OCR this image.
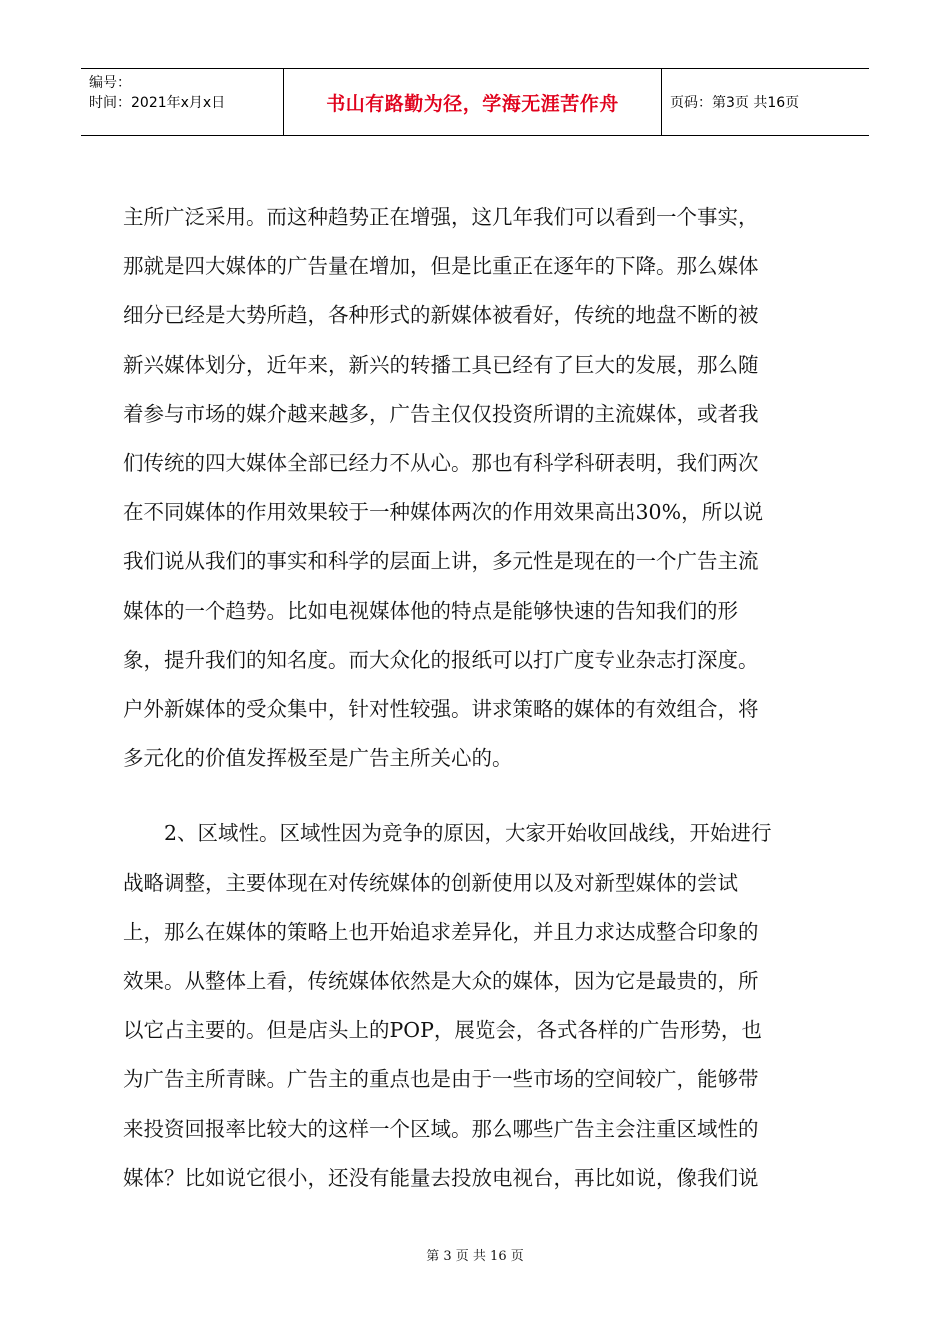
编号：
时间：2021年x月x日	书山有路勤为径，学海无涯苦作舟	页码：第3页 共16页

主所广泛采用。而这种趋势正在增强，这几年我们可以看到一个事实，
那就是四大媒体的广告量在增加，但是比重正在逐年的下降。那么媒体
细分已经是大势所趋，各种形式的新媒体被看好，传统的地盘不断的被
新兴媒体划分，近年来，新兴的转播工具已经有了巨大的发展，那么随
着参与市场的媒介越来越多，广告主仅仅投资所谓的主流媒体，或者我
们传统的四大媒体全部已经力不从心。那也有科学科研表明，我们两次
在不同媒体的作用效果较于一种媒体两次的作用效果高出30%，所以说
我们说从我们的事实和科学的层面上讲，多元性是现在的一个广告主流
媒体的一个趋势。比如电视媒体他的特点是能够快速的告知我们的形
象，提升我们的知名度。而大众化的报纸可以打广度专业杂志打深度。
户外新媒体的受众集中，针对性较强。讲求策略的媒体的有效组合，将
多元化的价值发挥极至是广告主所关心的。

　　2、区域性。区域性因为竞争的原因，大家开始收回战线，开始进行
战略调整，主要体现在对传统媒体的创新使用以及对新型媒体的尝试
上，那么在媒体的策略上也开始追求差异化，并且力求达成整合印象的
效果。从整体上看，传统媒体依然是大众的媒体，因为它是最贵的，所
以它占主要的。但是店头上的POP，展览会，各式各样的广告形势，也
为广告主所青睐。广告主的重点也是由于一些市场的空间较广，能够带
来投资回报率比较大的这样一个区域。那么哪些广告主会注重区域性的
媒体？比如说它很小，还没有能量去投放电视台，再比如说，像我们说

第 3 页 共 16 页
